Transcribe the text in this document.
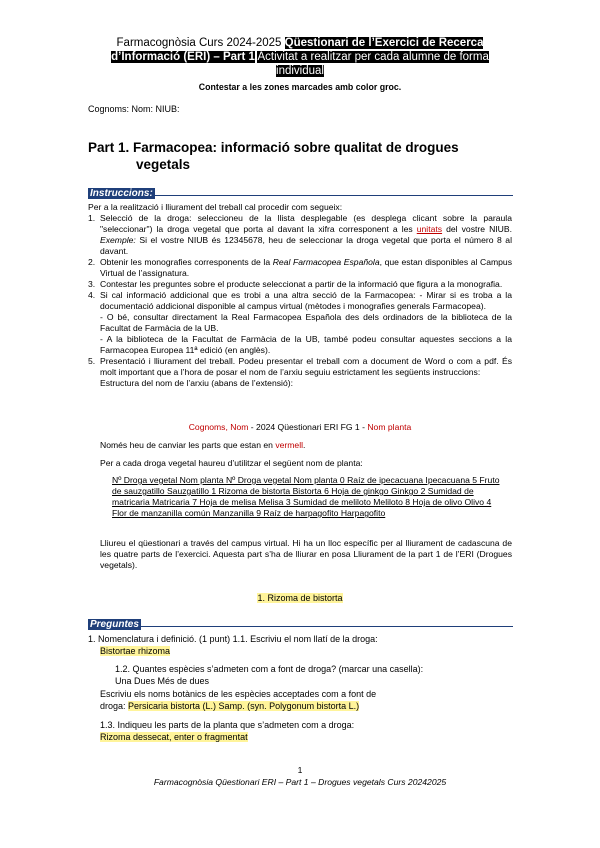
Farmacognòsia Curs 2024-2025 Qüestionari de l’Exercici de Recerca
d’Informació (ERI) – Part 1 Activitat a realitzar per cada alumne de forma
individual
Contestar a les zones marcades amb color groc.
Cognoms: Nom: NIUB:
Part 1. Farmacopea: informació sobre qualitat de drogues
vegetals
Instruccions:
Per a la realització i lliurament del treball cal procedir com segueix:
1. Selecció de la droga: seleccioneu de la llista desplegable (es desplega clicant sobre la paraula "seleccionar") la droga vegetal que porta al davant la xifra corresponent a les unitats del vostre NIUB. Exemple: Si el vostre NIUB és 12345678, heu de seleccionar la droga vegetal que porta el número 8 al davant.
2. Obtenir les monografies corresponents de la Real Farmacopea Española, que estan disponibles al Campus Virtual de l’assignatura.
3. Contestar les preguntes sobre el producte seleccionat a partir de la informació que figura a la monografia.
4. Si cal informació addicional que es trobi a una altra secció de la Farmacopea: - Mirar si es troba a la documentació addicional disponible al campus virtual (mètodes i monografies generals Farmacopea).
- O bé, consultar directament la Real Farmacopea Española des dels ordinadors de la biblioteca de la Facultat de Farmàcia de la UB.
- A la biblioteca de la Facultat de Farmàcia de la UB, també podeu consultar aquestes seccions a la Farmacopea Europea 11ª edició (en anglès).
5. Presentació i lliurament del treball. Podeu presentar el treball com a document de Word o com a pdf. És molt important que a l’hora de posar el nom de l’arxiu seguiu estrictament les següents instruccions:
Estructura del nom de l’arxiu (abans de l’extensió):
Cognoms, Nom - 2024 Qüestionari ERI FG 1 - Nom planta
Només heu de canviar les parts que estan en vermell.
Per a cada droga vegetal haureu d’utilitzar el següent nom de planta:
Nº Droga vegetal Nom planta Nº Droga vegetal Nom planta 0 Raíz de ipecacuana Ipecacuana 5 Fruto de sauzgatillo Sauzgatillo 1 Rizoma de bistorta Bistorta 6 Hoja de ginkgo Ginkgo 2 Sumidad de matricaria Matricaria 7 Hoja de melisa Melisa 3 Sumidad de meliloto Meliloto 8 Hoja de olivo Olivo 4 Flor de manzanilla común Manzanilla 9 Raíz de harpagofito Harpagofito
Lliureu el qüestionari a través del campus virtual. Hi ha un lloc específic per al lliurament de cadascuna de les quatre parts de l’exercici. Aquesta part s’ha de lliurar en posa Lliurament de la part 1 de l’ERI (Drogues vegetals).
1. Rizoma de bistorta
Preguntes
1. Nomenclatura i definició. (1 punt) 1.1. Escriviu el nom llatí de la droga:
Bistortae rhizoma
1.2. Quantes espècies s’admeten com a font de droga? (marcar una casella): Una Dues Més de dues
Escriviu els noms botànics de les espècies acceptades com a font de
droga: Persicaria bistorta (L.) Samp. (syn. Polygonum bistorta L.)
1.3. Indiqueu les parts de la planta que s’admeten com a droga:
Rizoma dessecat, enter o fragmentat
1
Farmacognòsia Qüestionari ERI – Part 1 – Drogues vegetals Curs 20242025
